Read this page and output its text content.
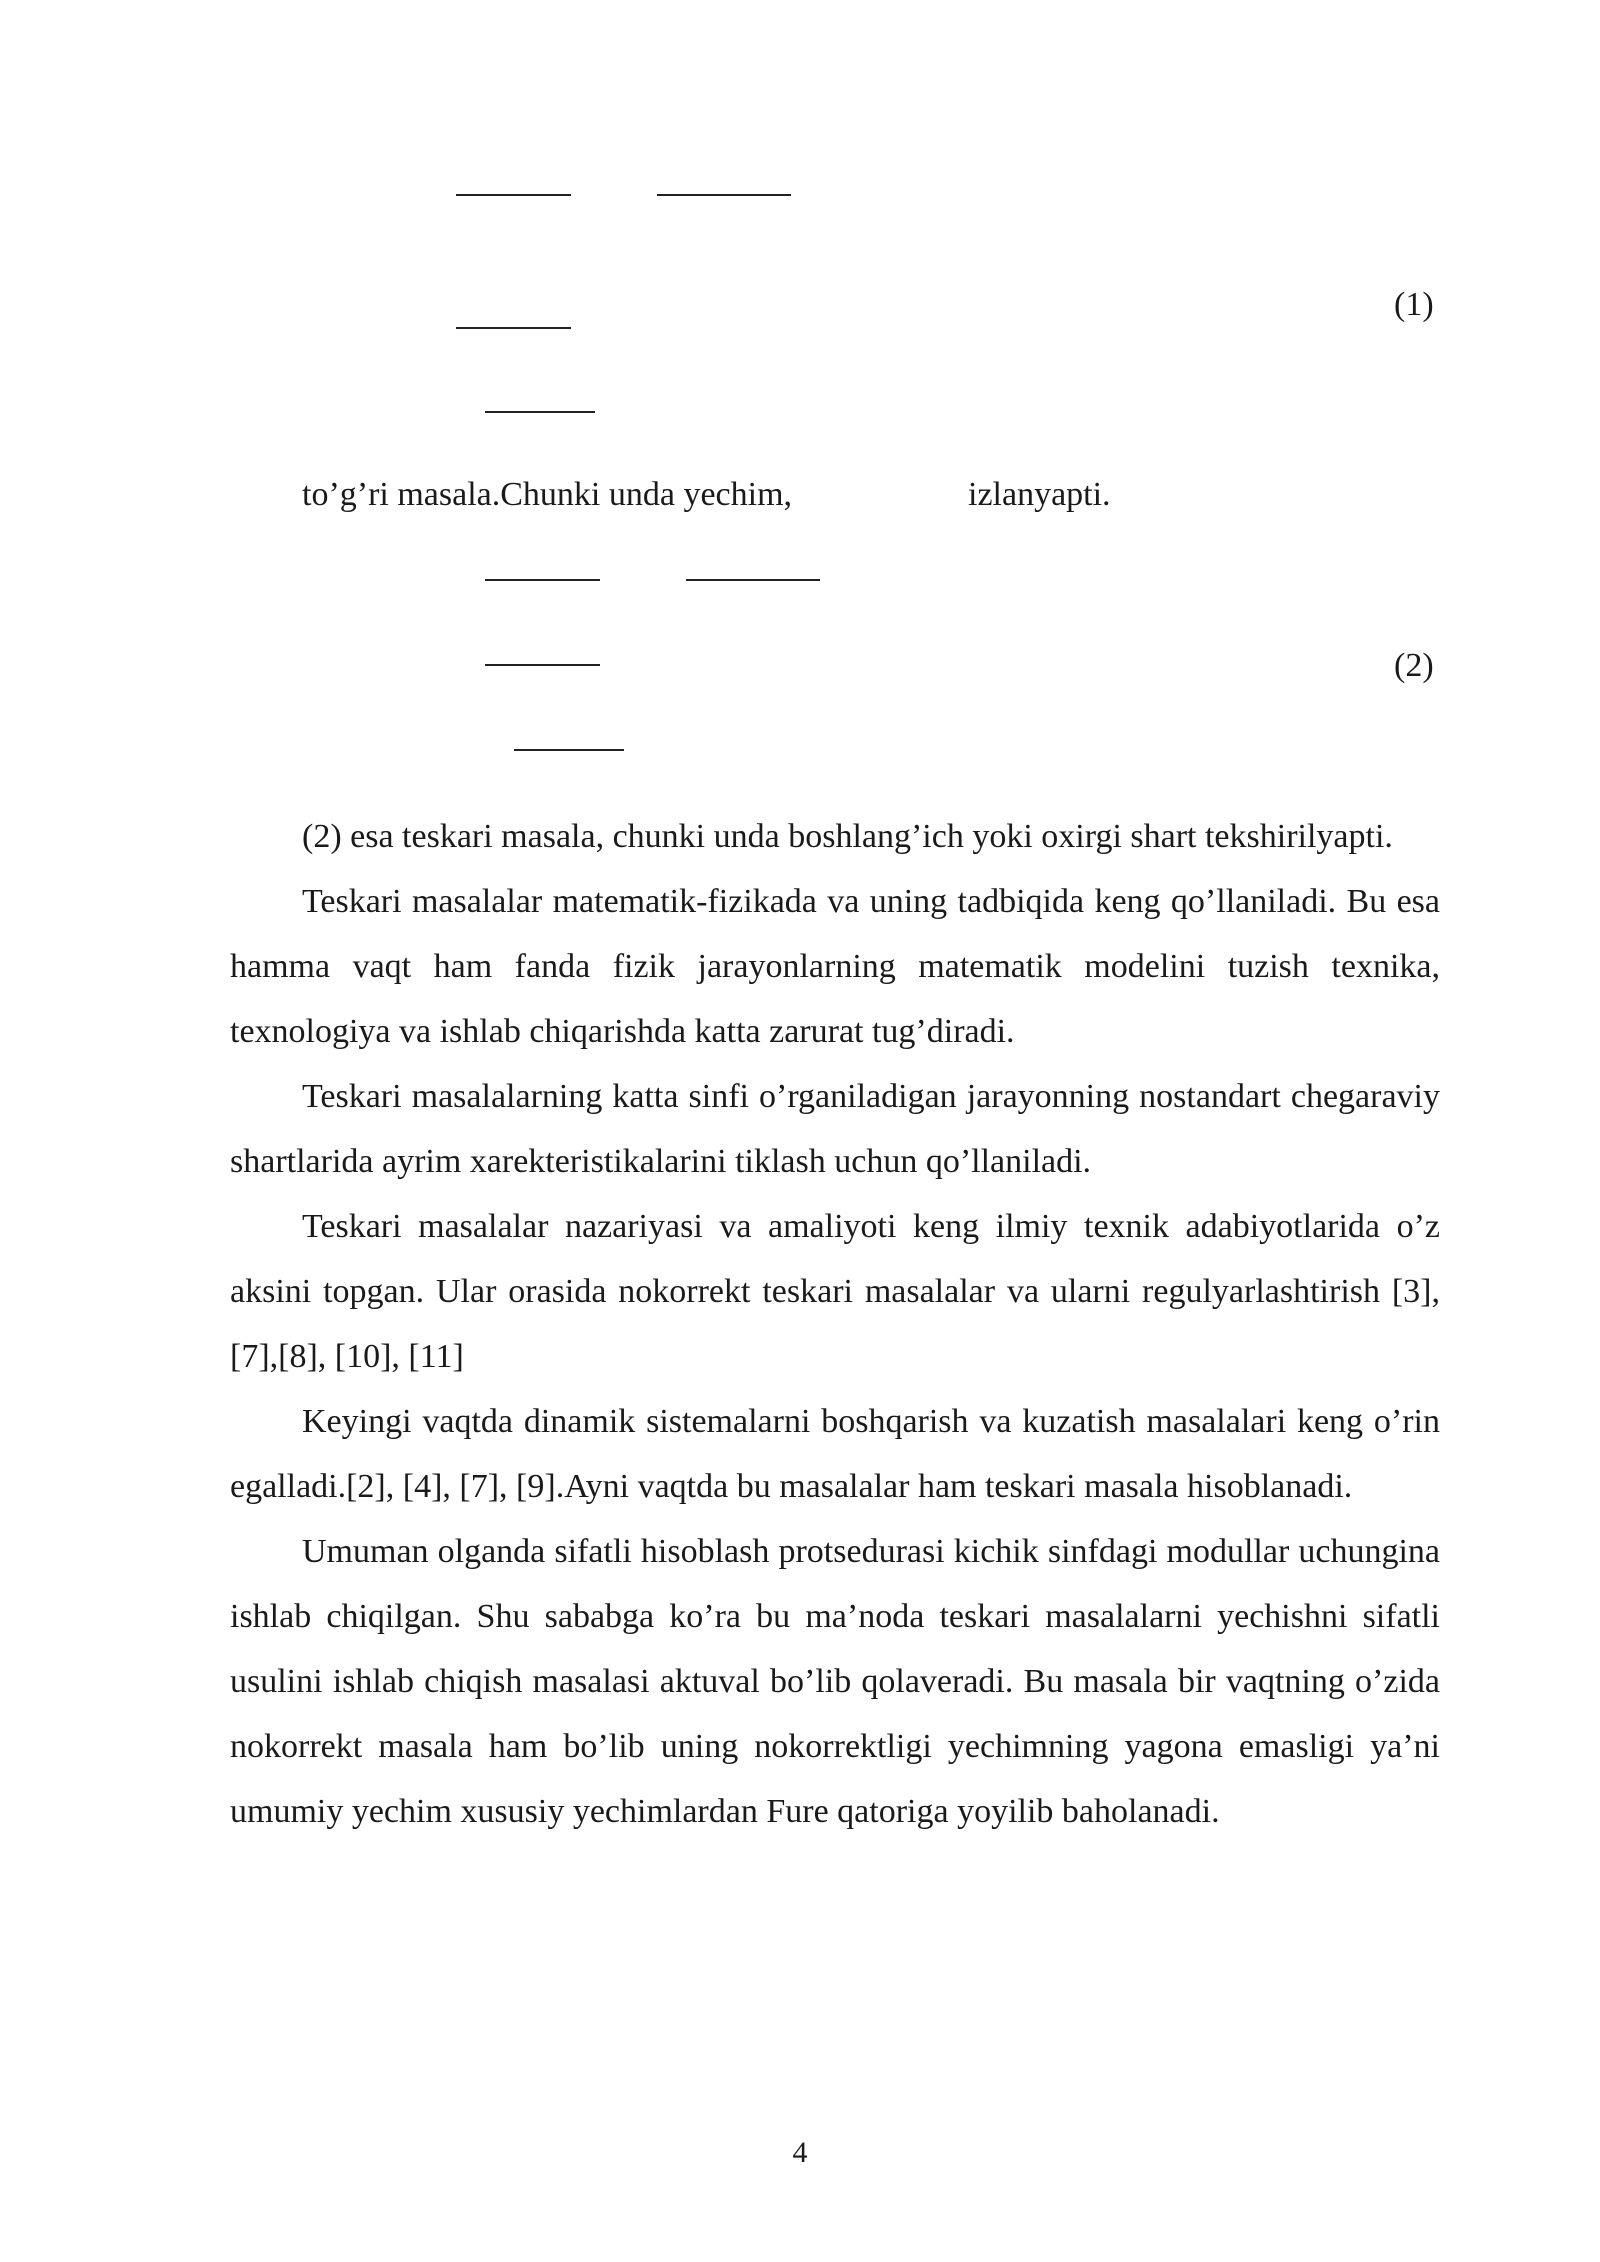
(1)
to’g’ri masala.Chunki unda yechim,	izlanyapti.
(2)

(2) esa teskari masala, chunki unda boshlang’ich yoki oxirgi shart tekshirilyapti.

Teskari masalalar matematik-fizikada va uning tadbiqida keng qo’llaniladi. Bu esa hamma vaqt ham fanda fizik jarayonlarning matematik modelini tuzish texnika, texnologiya va ishlab chiqarishda katta zarurat tug’diradi.

Teskari masalalarning katta sinfi o’rganiladigan jarayonning nostandart chegaraviy shartlarida ayrim xarekteristikalarini tiklash uchun qo’llaniladi.

Teskari masalalar nazariyasi va amaliyoti keng ilmiy texnik adabiyotlarida o’z aksini topgan. Ular orasida nokorrekt teskari masalalar va ularni regulyarlashtirish [3], [7],[8], [10], [11]

Keyingi vaqtda dinamik sistemalarni boshqarish va kuzatish masalalari keng o’rin egalladi.[2], [4], [7], [9].Ayni vaqtda bu masalalar ham teskari masala hisoblanadi.

Umuman olganda sifatli hisoblash protsedurasi kichik sinfdagi modullar uchungina ishlab chiqilgan. Shu sababga ko’ra bu ma’noda teskari masalalarni yechishni sifatli usulini ishlab chiqish masalasi aktuval bo’lib qolaveradi. Bu masala bir vaqtning o’zida nokorrekt masala ham bo’lib uning nokorrektligi yechimning yagona emasligi ya’ni umumiy yechim xususiy yechimlardan Fure qatoriga yoyilib baholanadi.

4
